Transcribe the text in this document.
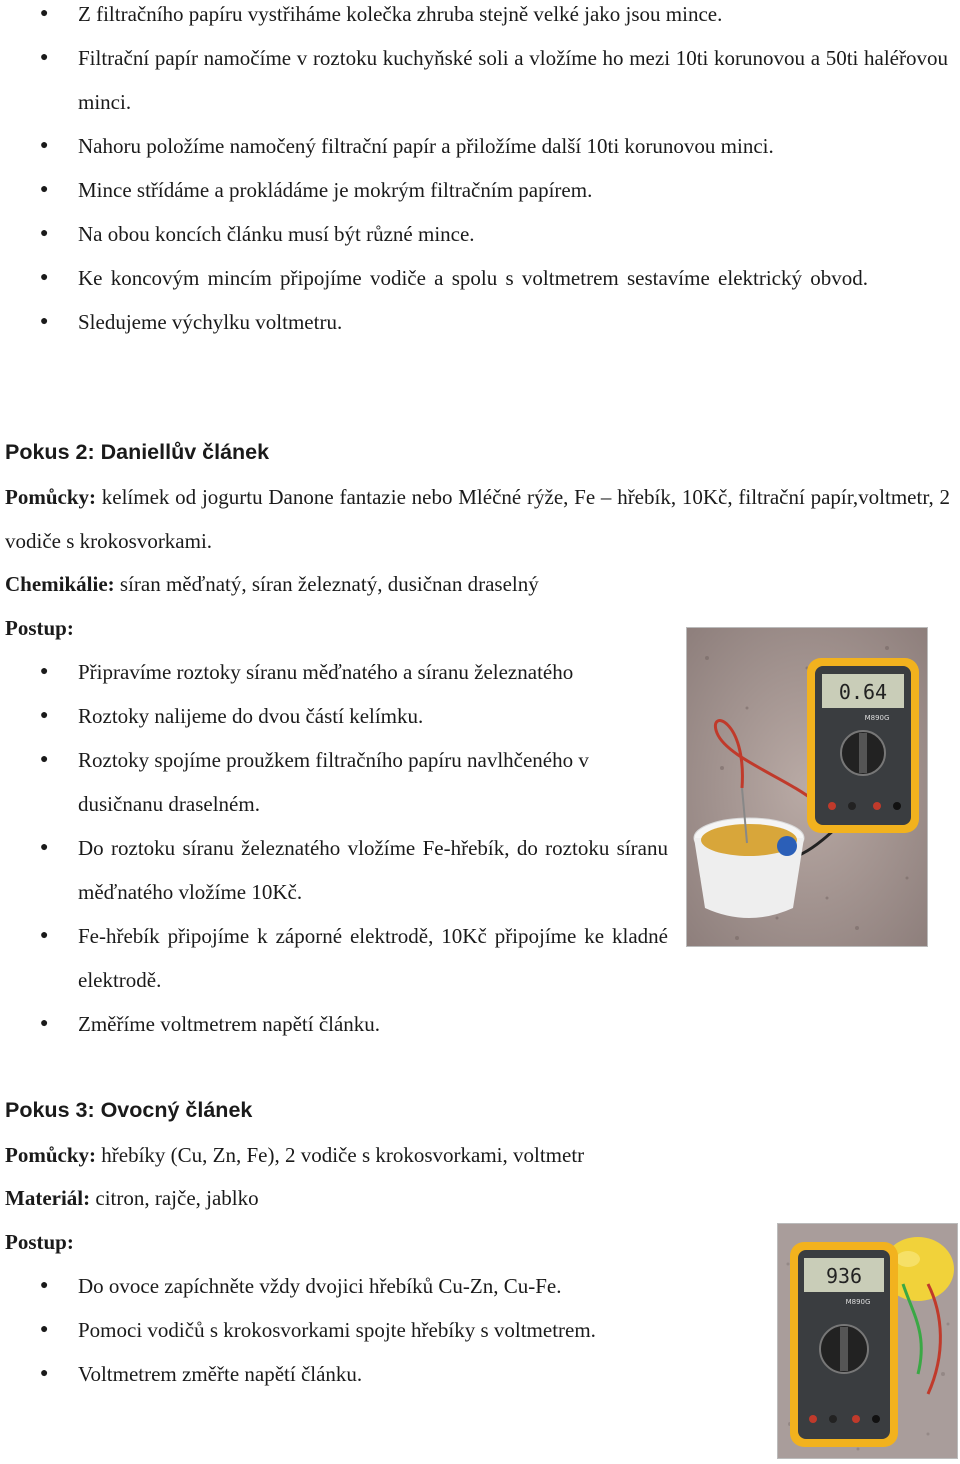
● Z filtračního papíru vystřiháme kolečka zhruba stejně velké jako jsou mince.
● Filtrační papír namočíme v roztoku kuchyňské soli a vložíme ho mezi 10ti korunovou a 50ti haléřovou minci.
● Nahoru položíme namočený filtrační papír a přiložíme další 10ti korunovou minci.
● Mince střídáme a prokládáme je mokrým filtračním papírem.
● Na obou koncích článku musí být různé mince.
● Ke koncovým mincím připojíme vodiče a spolu s voltmetrem sestavíme elektrický obvod.
● Sledujeme výchylku voltmetru.
Pokus 2: Daniellův článek

Pomůcky: kelímek od jogurtu Danone fantazie nebo Mléčné rýže, Fe – hřebík, 10Kč, filtrační papír,voltmetr, 2 vodiče s krokosvorkami.

Chemikálie: síran měďnatý, síran železnatý, dusičnan draselný

Postup:

● Připravíme roztoky síranu měďnatého a síranu železnatého
● Roztoky nalijeme do dvou částí kelímku.
● Roztoky spojíme proužkem filtračního papíru navlhčeného v dusičnanu draselném.
● Do roztoku síranu železnatého vložíme Fe-hřebík, do roztoku síranu měďnatého vložíme 10Kč.
● Fe-hřebík připojíme k záporné elektrodě, 10Kč připojíme ke kladné elektrodě.
● Změříme voltmetrem napětí článku.
0.64
M890G
Pokus 3: Ovocný článek

Pomůcky: hřebíky (Cu, Zn, Fe), 2 vodiče s krokosvorkami, voltmetr

Materiál: citron, rajče, jablko

Postup:

● Do ovoce zapíchněte vždy dvojici hřebíků Cu-Zn, Cu-Fe.
● Pomoci vodičů s krokosvorkami spojte hřebíky s voltmetrem.
● Voltmetrem změřte napětí článku.
936
M890G
